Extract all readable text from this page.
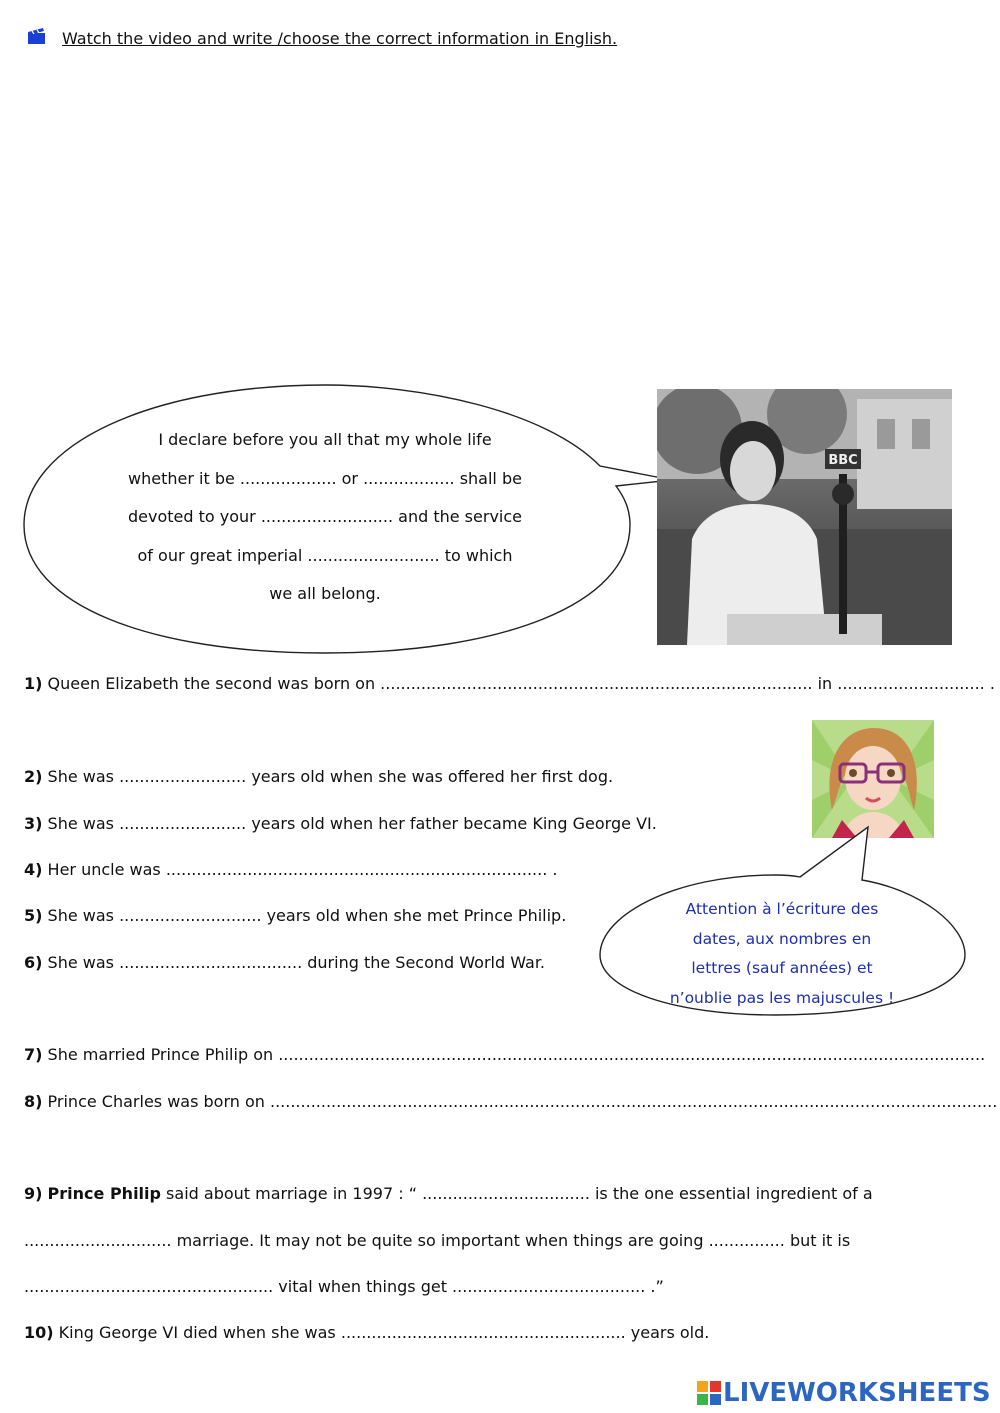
Watch the video and write /choose the correct information in English.
I declare before you all that my whole life
whether it be ................... or .................. shall be
devoted to your .......................... and the service
of our great imperial .......................... to which
we all belong.
BBC
1) Queen Elizabeth the second was born on ..................................................................................... in ............................. .
2) She was ......................... years old when she was offered her first dog.
3) She was ......................... years old when her father became King George VI.
4) Her uncle was ........................................................................... .
5) She was ............................ years old when she met Prince Philip.
6) She was .................................... during the Second World War.
Attention à l’écriture des
dates, aux nombres en
lettres (sauf années) et
n’oublie pas les majuscules !
7) She married Prince Philip on ...........................................................................................................................................
8) Prince Charles was born on ...............................................................................................................................................
9) Prince Philip said about marriage in 1997 : “ ................................. is the one essential ingredient of a
............................. marriage. It may not be quite so important when things are going ............... but it is
................................................. vital when things get ...................................... .”
10) King George VI died when she was ........................................................ years old.
LIVEWORKSHEETS
